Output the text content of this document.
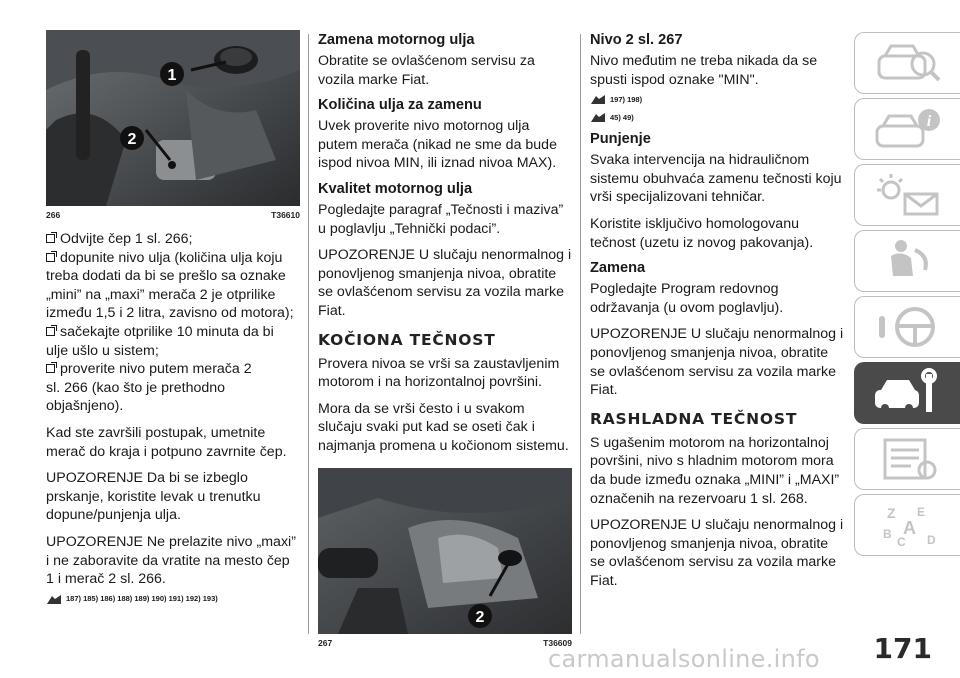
1
2
266	T36610

Odvijte čep 1 sl. 266;

dopunite nivo ulja (količina ulja koju

treba dodati da bi se prešlo sa oznake „mini” na „maxi” merača 2 je otprilike između 1,5 i 2 litra, zavisno od motora);

sačekajte otprilike 10 minuta da bi

ulje ušlo u sistem;

proverite nivo putem merača 2

sl. 266 (kao što je prethodno objašnjeno).

Kad ste završili postupak, umetnite merač do kraja i potpuno zavrnite čep.

UPOZORENJE Da bi se izbeglo prskanje, koristite levak u trenutku dopune/punjenja ulja.

UPOZORENJE Ne prelazite nivo „maxi” i ne zaboravite da vratite na mesto čep 1 i merač 2 sl. 266.

187) 185) 186) 188) 189) 190) 191) 192) 193)
Zamena motornog ulja

Obratite se ovlašćenom servisu za vozila marke Fiat.

Količina ulja za zamenu

Uvek proverite nivo motornog ulja putem merača (nikad ne sme da bude ispod nivoa MIN, ili iznad nivoa MAX).

Kvalitet motornog ulja

Pogledajte paragraf „Tečnosti i maziva” u poglavlju „Tehnički podaci”.

UPOZORENJE U slučaju nenormalnog i ponovljenog smanjenja nivoa, obratite se ovlašćenom servisu za vozila marke Fiat.

KOČIONA TEČNOST

Provera nivoa se vrši sa zaustavljenim motorom i na horizontalnoj površini.

Mora da se vrši često i u svakom slučaju svaki put kad se oseti čak i najmanja promena u kočionom sistemu.

2
267	T36609
Nivo 2 sl. 267

Nivo međutim ne treba nikada da se spusti ispod oznake "MIN".

197) 198)
45) 49)
Punjenje

Svaka intervencija na hidrauličnom sistemu obuhvaća zamenu tečnosti koju vrši specijalizovani tehničar.

Koristite isključivo homologovanu tečnost (uzetu iz novog pakovanja).

Zamena

Pogledajte Program redovnog održavanja (u ovom poglavlju).

UPOZORENJE U slučaju nenormalnog i ponovljenog smanjenja nivoa, obratite se ovlašćenom servisu za vozila marke Fiat.

RASHLADNA TEČNOST

S ugašenim motorom na horizontalnoj površini, nivo s hladnim motorom mora da bude između oznaka „MINI” i „MAXI” označenih na rezervoaru 1 sl. 268.

UPOZORENJE U slučaju nenormalnog i ponovljenog smanjenja nivoa, obratite se ovlašćenom servisu za vozila marke Fiat.

i
Z E
B
C D
A
171
carmanualsonline.info
